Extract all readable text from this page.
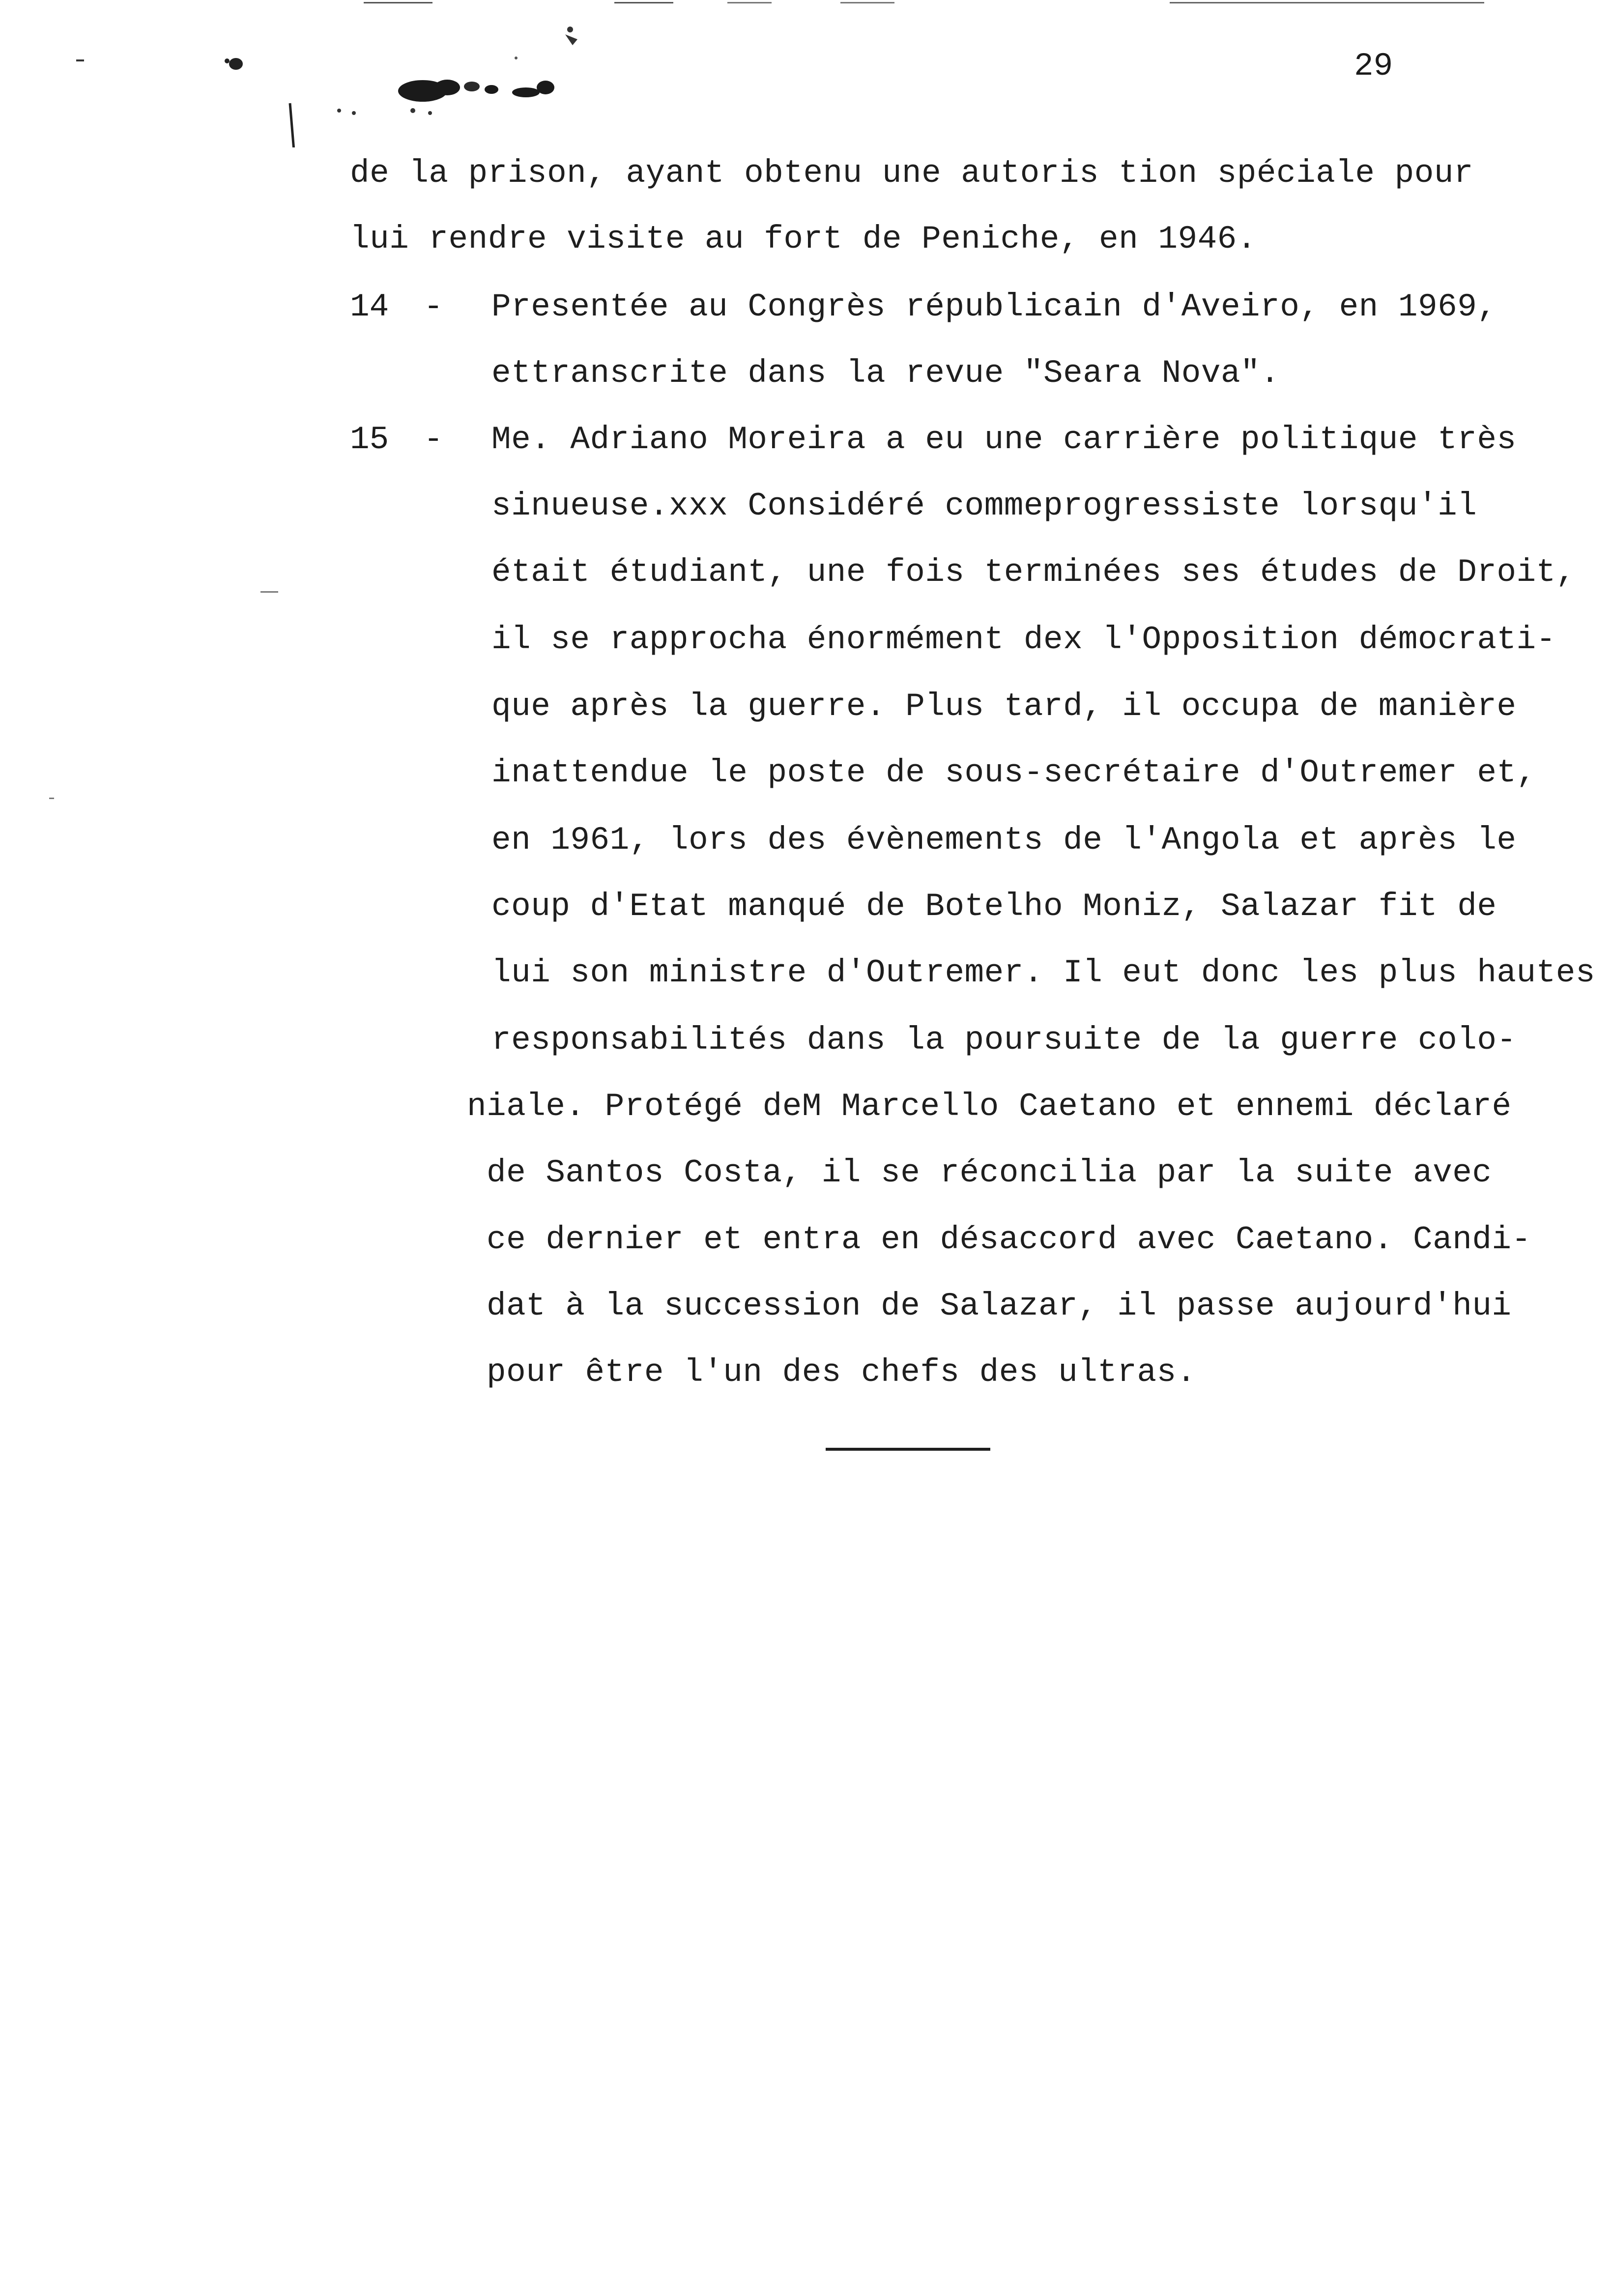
29
de la prison, ayant obtenu une autoris tion spéciale pour
lui rendre visite au fort de Peniche, en 1946.
14 - Presentée au Congrès républicain d'Aveiro, en 1969,
ettranscrite dans la revue "Seara Nova".
15 - Me. Adriano Moreira a eu une carrière politique très
sinueuse.xxx Considéré commeprogressiste lorsqu'il
était étudiant, une fois terminées ses études de Droit,
il se rapprocha énormément dex l'Opposition démocrati-
que après la guerre. Plus tard, il occupa de manière
inattendue le poste de sous-secrétaire d'Outremer et,
en 1961, lors des évènements de l'Angola et après le
coup d'Etat manqué de Botelho Moniz, Salazar fit de
lui son ministre d'Outremer. Il eut donc les plus hautes
responsabilités dans la poursuite de la guerre colo-
niale. Protégé deM Marcello Caetano et ennemi déclaré
de Santos Costa, il se réconcilia par la suite avec
ce dernier et entra en désaccord avec Caetano. Candi-
dat à la succession de Salazar, il passe aujourd'hui
pour être l'un des chefs des ultras.
